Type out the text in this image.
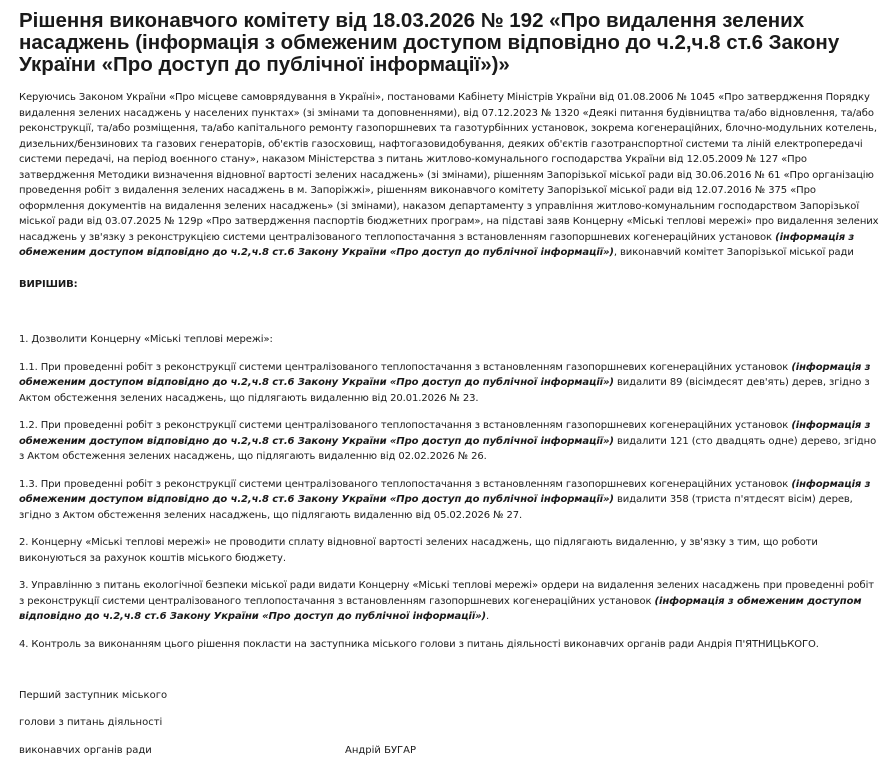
Рішення виконавчого комітету від 18.03.2026 № 192 «Про видалення зелених насаджень (інформація з обмеженим доступом відповідно до ч.2,ч.8 ст.6 Закону України «Про доступ до публічної інформації»)»

Керуючись Законом України «Про місцеве самоврядування в Україні», постановами Кабінету Міністрів України від 01.08.2006 № 1045 «Про затвердження Порядку видалення зелених насаджень у населених пунктах» (зі змінами та доповненнями), від 07.12.2023 № 1320 «Деякі питання будівництва та/або відновлення, та/або реконструкції, та/або розміщення, та/або капітального ремонту газопоршневих та газотурбінних установок, зокрема когенераційних, блочно-модульних котелень, дизельних/бензинових та газових генераторів, об'єктів газосховищ, нафтогазовидобування, деяких об'єктів газотранспортної системи та ліній електропередачі системи передачі, на період воєнного стану», наказом Міністерства з питань житлово-комунального господарства України від 12.05.2009 № 127 «Про затвердження Методики визначення відновної вартості зелених насаджень» (зі змінами), рішенням Запорізької міської ради від 30.06.2016 № 61 «Про організацію проведення робіт з видалення зелених насаджень в м. Запоріжжі», рішенням виконавчого комітету Запорізької міської ради від 12.07.2016 № 375 «Про оформлення документів на видалення зелених насаджень» (зі змінами), наказом департаменту з управління житлово-комунальним господарством Запорізької міської ради від 03.07.2025 № 129р «Про затвердження паспортів бюджетних програм», на підставі заяв Концерну «Міські теплові мережі» про видалення зелених насаджень у зв'язку з реконструкцією системи централізованого теплопостачання з встановленням газопоршневих когенераційних установок (інформація з обмеженим доступом відповідно до ч.2,ч.8 ст.6 Закону України «Про доступ до публічної інформації»), виконавчий комітет Запорізької міської ради

ВИРІШИВ:

1. Дозволити Концерну «Міські теплові мережі»:

1.1. При проведенні робіт з реконструкції системи централізованого теплопостачання з встановленням газопоршневих когенераційних установок (інформація з обмеженим доступом відповідно до ч.2,ч.8 ст.6 Закону України «Про доступ до публічної інформації») видалити 89 (вісімдесят дев'ять) дерев, згідно з Актом обстеження зелених насаджень, що підлягають видаленню від 20.01.2026 № 23.

1.2. При проведенні робіт з реконструкції системи централізованого теплопостачання з встановленням газопоршневих когенераційних установок (інформація з обмеженим доступом відповідно до ч.2,ч.8 ст.6 Закону України «Про доступ до публічної інформації») видалити 121 (сто двадцять одне) дерево, згідно з Актом обстеження зелених насаджень, що підлягають видаленню від 02.02.2026 № 26.

1.3. При проведенні робіт з реконструкції системи централізованого теплопостачання з встановленням газопоршневих когенераційних установок (інформація з обмеженим доступом відповідно до ч.2,ч.8 ст.6 Закону України «Про доступ до публічної інформації») видалити 358 (триста п'ятдесят вісім) дерев, згідно з Актом обстеження зелених насаджень, що підлягають видаленню від 05.02.2026 № 27.

2. Концерну «Міські теплові мережі» не проводити сплату відновної вартості зелених насаджень, що підлягають видаленню, у зв'язку з тим, що роботи виконуються за рахунок коштів міського бюджету.

3. Управлінню з питань екологічної безпеки міської ради видати Концерну «Міські теплові мережі» ордери на видалення зелених насаджень при проведенні робіт з реконструкції системи централізованого теплопостачання з встановленням газопоршневих когенераційних установок (інформація з обмеженим доступом відповідно до ч.2,ч.8 ст.6 Закону України «Про доступ до публічної інформації»).

4. Контроль за виконанням цього рішення покласти на заступника міського голови з питань діяльності виконавчих органів ради Андрія П'ЯТНИЦЬКОГО.

Перший заступник міського
голови з питань діяльності
виконавчих органів ради	Андрій БУГАР
